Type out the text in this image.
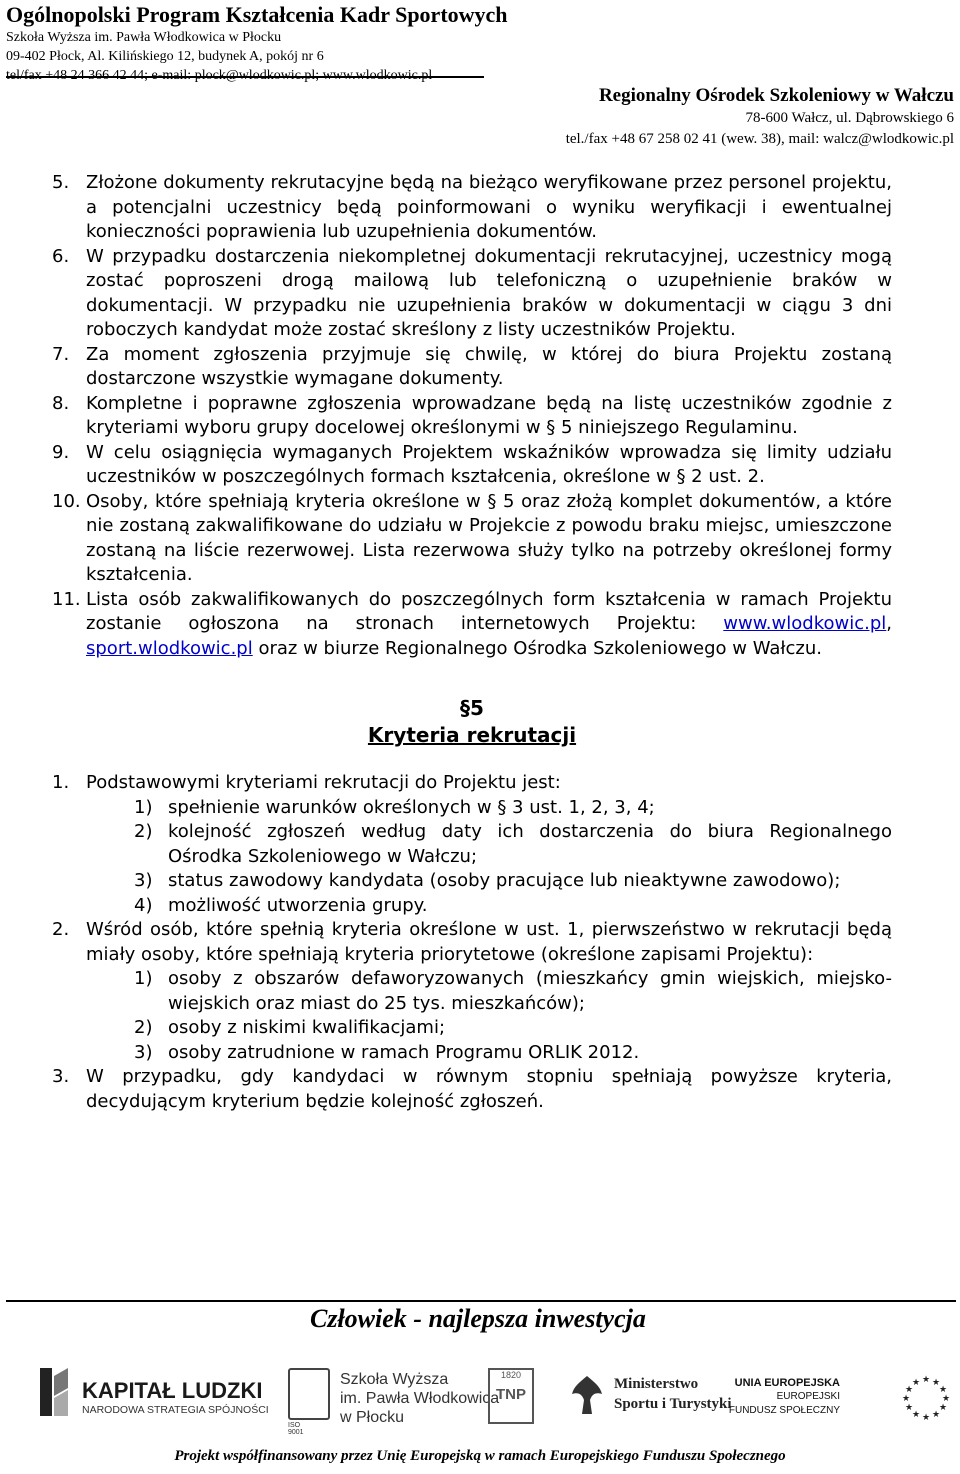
Ogólnopolski Program Kształcenia Kadr Sportowych
Szkoła Wyższa im. Pawła Włodkowica w Płocku
09-402 Płock, Al. Kilińskiego 12, budynek A, pokój nr 6
Regionalny Ośrodek Szkoleniowy w Wałczu
78-600 Wałcz, ul. Dąbrowskiego 6
tel./fax +48 67 258 02 41 (wew. 38), mail: walcz@wlodkowic.pl
5. Złożone dokumenty rekrutacyjne będą na bieżąco weryfikowane przez personel projektu, a potencjalni uczestnicy będą poinformowani o wyniku weryfikacji i ewentualnej konieczności poprawienia lub uzupełnienia dokumentów.
6. W przypadku dostarczenia niekompletnej dokumentacji rekrutacyjnej, uczestnicy mogą zostać poproszeni drogą mailową lub telefoniczną o uzupełnienie braków w dokumentacji. W przypadku nie uzupełnienia braków w dokumentacji w ciągu 3 dni roboczych kandydat może zostać skreślony z listy uczestników Projektu.
7. Za moment zgłoszenia przyjmuje się chwilę, w której do biura Projektu zostaną dostarczone wszystkie wymagane dokumenty.
8. Kompletne i poprawne zgłoszenia wprowadzane będą na listę uczestników zgodnie z kryteriami wyboru grupy docelowej określonymi w § 5 niniejszego Regulaminu.
9. W celu osiągnięcia wymaganych Projektem wskaźników wprowadza się limity udziału uczestników w poszczególnych formach kształcenia, określone w § 2 ust. 2.
10. Osoby, które spełniają kryteria określone w § 5 oraz złożą komplet dokumentów, a które nie zostaną zakwalifikowane do udziału w Projekcie z powodu braku miejsc, umieszczone zostaną na liście rezerwowej. Lista rezerwowa służy tylko na potrzeby określonej formy kształcenia.
11. Lista osób zakwalifikowanych do poszczególnych form kształcenia w ramach Projektu zostanie ogłoszona na stronach internetowych Projektu: www.wlodkowic.pl, sport.wlodkowic.pl oraz w biurze Regionalnego Ośrodka Szkoleniowego w Wałczu.
§5
Kryteria rekrutacji
1. Podstawowymi kryteriami rekrutacji do Projektu jest:
1) spełnienie warunków określonych w § 3 ust. 1, 2, 3, 4;
2) kolejność zgłoszeń według daty ich dostarczenia do biura Regionalnego Ośrodka Szkoleniowego w Wałczu;
3) status zawodowy kandydata (osoby pracujące lub nieaktywne zawodowo);
4) możliwość utworzenia grupy.
2. Wśród osób, które spełnią kryteria określone w ust. 1, pierwszeństwo w rekrutacji będą miały osoby, które spełniają kryteria priorytetowe (określone zapisami Projektu):
1) osoby z obszarów defaworyzowanych (mieszkańcy gmin wiejskich, miejsko-wiejskich oraz miast do 25 tys. mieszkańców);
2) osoby z niskimi kwalifikacjami;
3) osoby zatrudnione w ramach Programu ORLIK 2012.
3. W przypadku, gdy kandydaci w równym stopniu spełniają powyższe kryteria, decydującym kryterium będzie kolejność zgłoszeń.
Człowiek - najlepsza inwestycja
KAPITAŁ LUDZKI
NARODOWA STRATEGIA SPÓJNOŚCI
Szkoła Wyższa
im. Pawła Włodkowica
w Płocku
ISO 9001
1820
TNP
Ministerstwo
Sportu i Turystyki
UNIA EUROPEJSKA
EUROPEJSKI
FUNDUSZ SPOŁECZNY
★ ★
★
★
★
★
★
★
★
★
★
★
Projekt współfinansowany przez Unię Europejską w ramach Europejskiego Funduszu Społecznego
